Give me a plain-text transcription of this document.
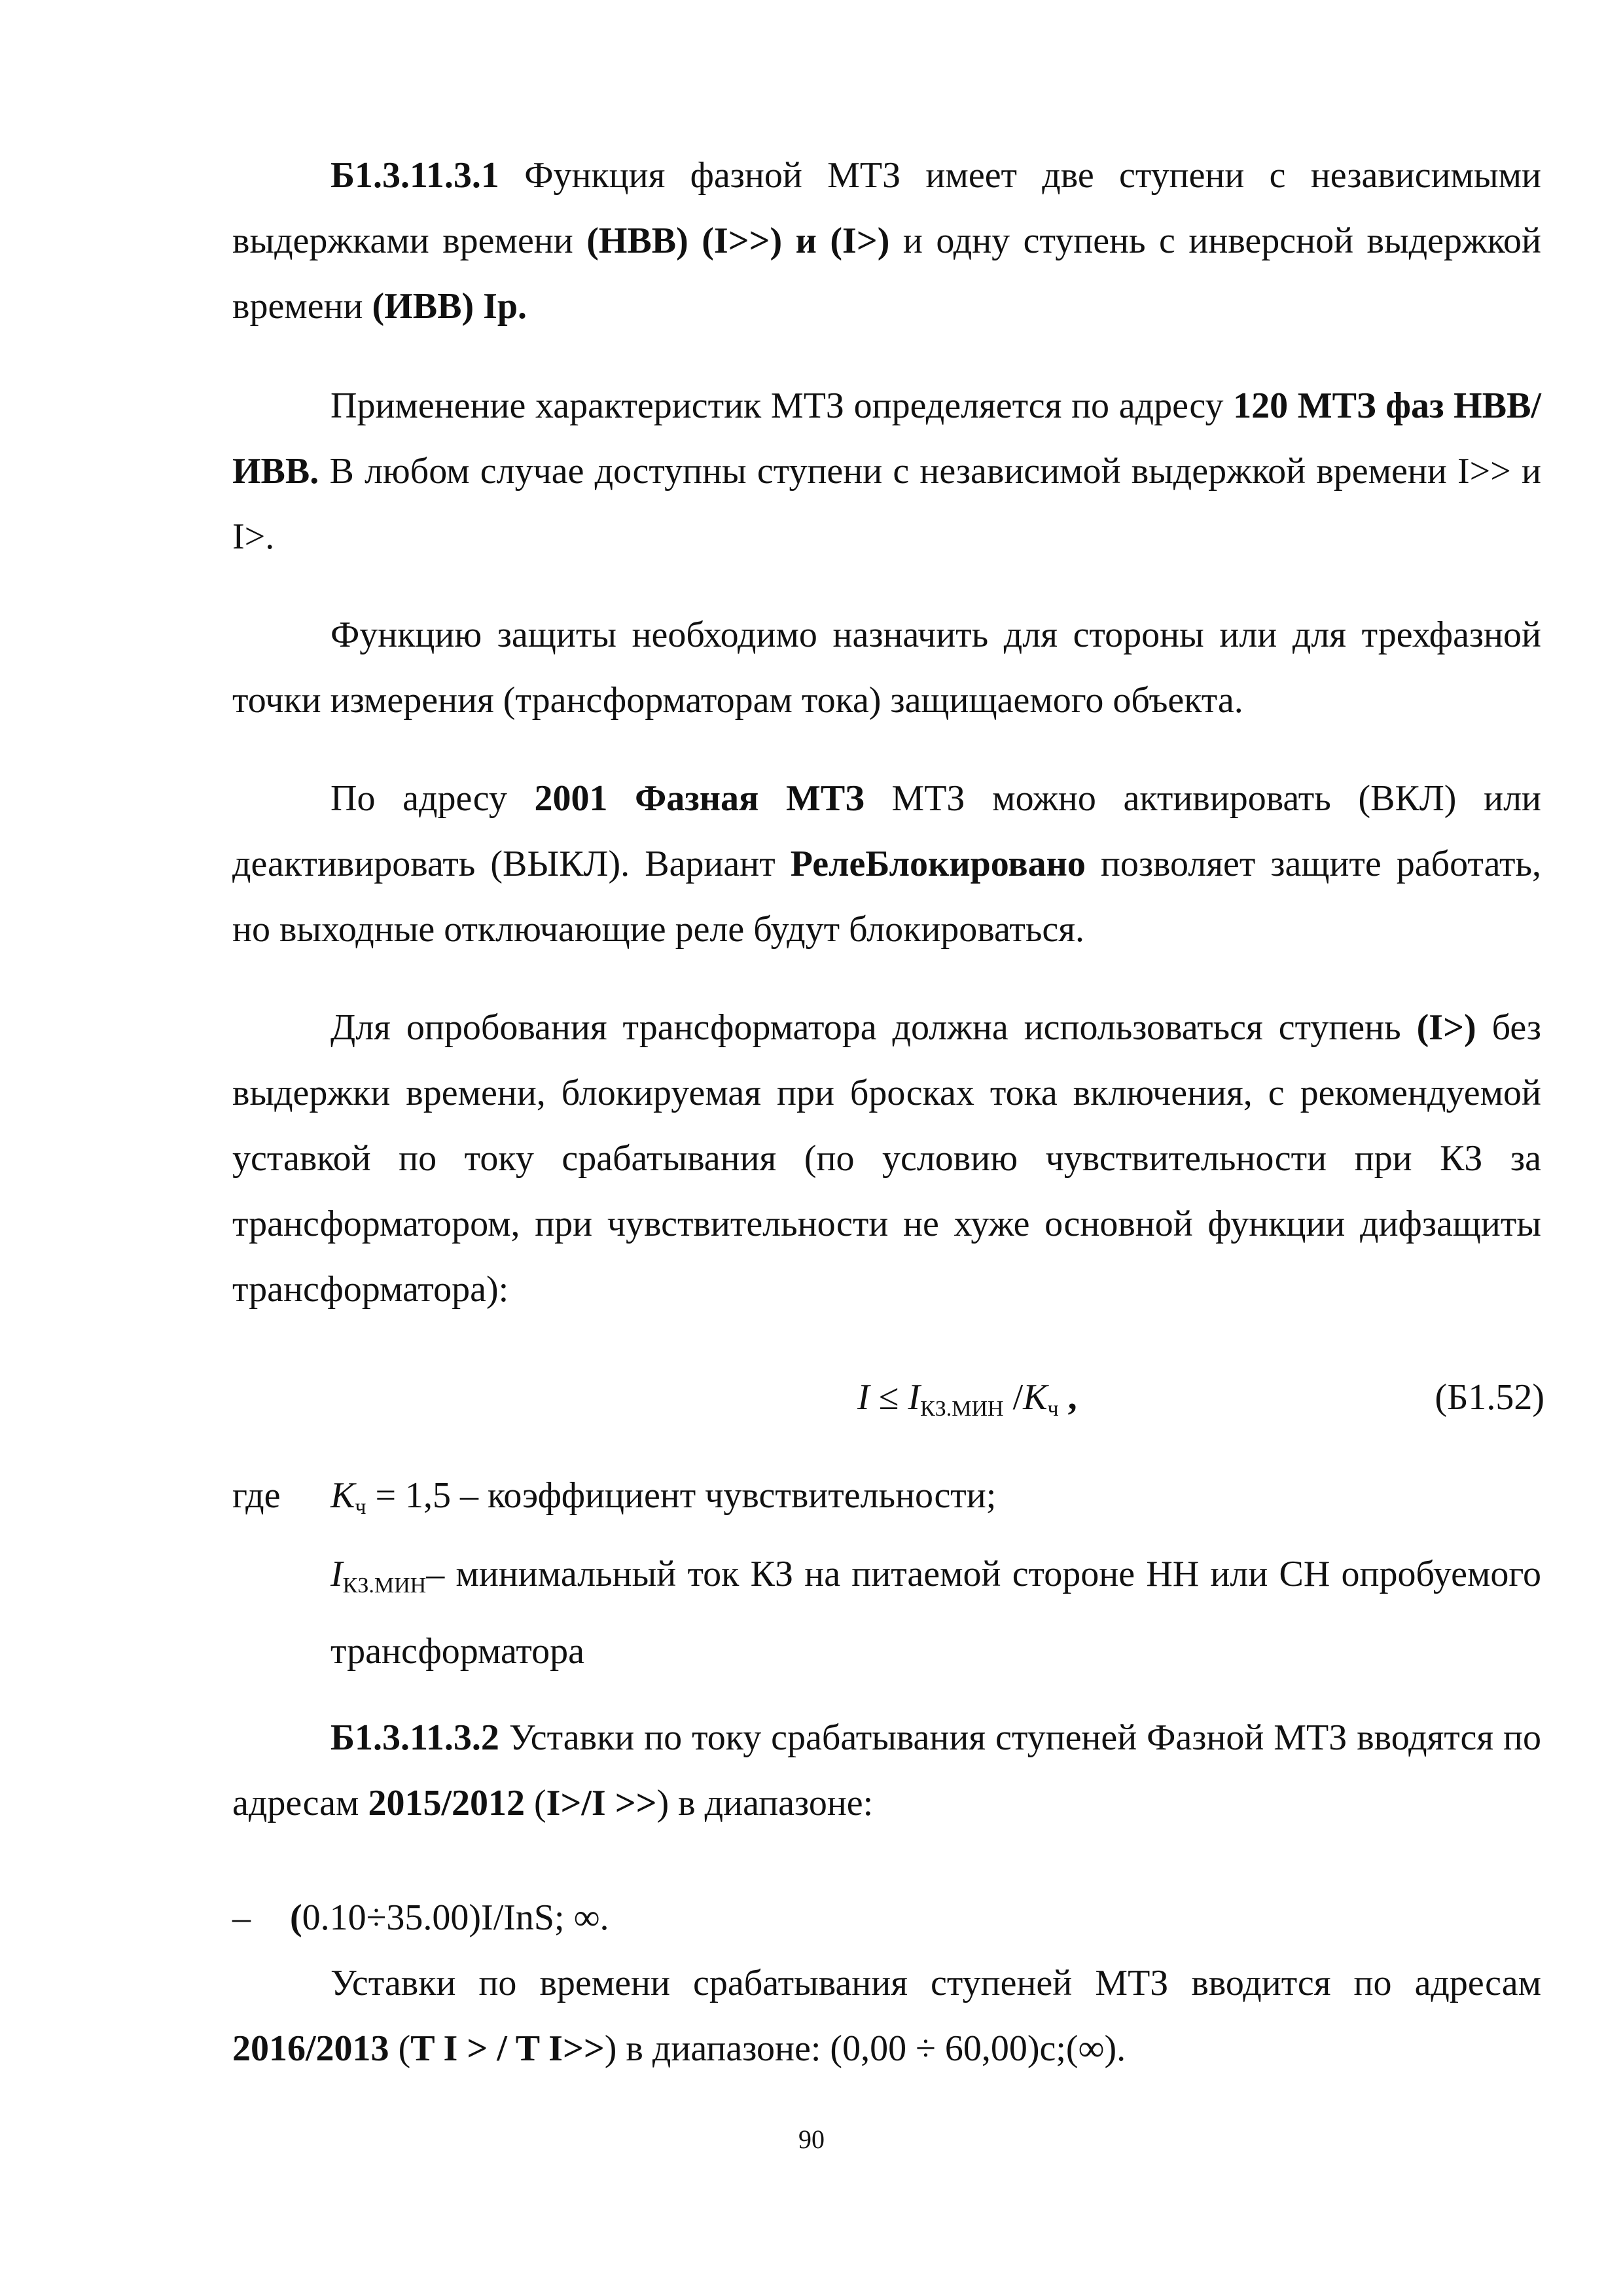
Б1.3.11.3.1 Функция фазной МТЗ имеет две ступени с независимыми выдержками времени (НВВ) (I>>) и (I>) и одну ступень с инверсной выдержкой времени (ИВВ) Ip.

Применение характеристик МТЗ определяется по адресу 120 МТЗ фаз НВВ/ИВВ. В любом случае доступны ступени с независимой выдержкой времени I>> и I>.

Функцию защиты необходимо назначить для стороны или для трехфазной точки измерения (трансформаторам тока) защищаемого объекта.

По адресу 2001 Фазная МТЗ МТЗ можно активировать (ВКЛ) или деактивировать (ВЫКЛ). Вариант РелеБлокировано позволяет защите работать, но выходные отключающие реле будут блокироваться.

Для опробования трансформатора должна использоваться ступень (I>) без выдержки времени, блокируемая при бросках тока включения, с рекомендуемой уставкой по току срабатывания (по условию чувствительности при КЗ за трансформатором, при чувствительности не хуже основной функции дифзащиты трансформатора):

$I \le I_{КЗ.МИН}$ $/K_ч$ ,	(Б1.52)
где $K_ч = 1,5$ – коэффициент чувствительности;

$I_{КЗ.МИН}-$ минимальный ток КЗ на питаемой стороне НН или СН опробуемого трансформатора

Б1.3.11.3.2 Уставки по току срабатывания ступеней Фазной МТЗ вводятся по адресам 2015/2012 (I>/I >>) в диапазоне:

– (0.10÷35.00)I/InS; ∞.

Уставки по времени срабатывания ступеней МТЗ вводится по адресам 2016/2013 (T I > / T I>>) в диапазоне: (0,00 ÷ 60,00)с;(∞).

90
